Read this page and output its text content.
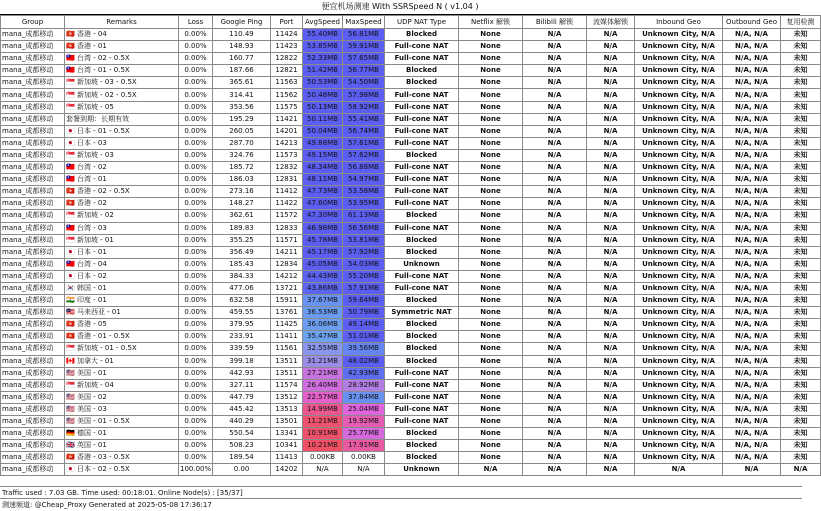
便宜机场测速 With SSRSpeed N ( v1.04 )
Group	Remarks	Loss	Google Ping	Port	AvgSpeed	MaxSpeed	UDP NAT Type	Netflix 解锁	Bilibili 解锁	流媒体解锁	Inbound Geo	Outbound Geo	复用检测
mana_成都移动	🇭🇰 香港 - 04	0.00%	110.49	11424	55.40MB	56.81MB	Blocked	None	N/A	N/A	Unknown City, N/A	N/A, N/A	未知
mana_成都移动	🇭🇰 香港 - 01	0.00%	148.93	11423	53.85MB	59.91MB	Full-cone NAT	None	N/A	N/A	Unknown City, N/A	N/A, N/A	未知
mana_成都移动	🇹🇼 台湾 - 02 - 0.5X	0.00%	160.77	12822	52.33MB	57.65MB	Full-cone NAT	None	N/A	N/A	Unknown City, N/A	N/A, N/A	未知
mana_成都移动	🇹🇼 台湾 - 01 - 0.5X	0.00%	187.66	12821	51.42MB	56.77MB	Blocked	None	N/A	N/A	Unknown City, N/A	N/A, N/A	未知
mana_成都移动	🇸🇬 新加坡 - 03 - 0.5X	0.00%	365.61	11563	50.53MB	54.50MB	Blocked	None	N/A	N/A	Unknown City, N/A	N/A, N/A	未知
mana_成都移动	🇸🇬 新加坡 - 02 - 0.5X	0.00%	314.41	11562	50.48MB	57.98MB	Full-cone NAT	None	N/A	N/A	Unknown City, N/A	N/A, N/A	未知
mana_成都移动	🇸🇬 新加坡 - 05	0.00%	353.56	11575	50.13MB	58.92MB	Full-cone NAT	None	N/A	N/A	Unknown City, N/A	N/A, N/A	未知
mana_成都移动	套餐到期：长期有效	0.00%	195.29	11421	50.11MB	55.41MB	Full-cone NAT	None	N/A	N/A	Unknown City, N/A	N/A, N/A	未知
mana_成都移动	🇯🇵 日本 - 01 - 0.5X	0.00%	260.05	14201	50.04MB	56.74MB	Full-cone NAT	None	N/A	N/A	Unknown City, N/A	N/A, N/A	未知
mana_成都移动	🇯🇵 日本 - 03	0.00%	287.70	14213	49.88MB	57.61MB	Full-cone NAT	None	N/A	N/A	Unknown City, N/A	N/A, N/A	未知
mana_成都移动	🇸🇬 新加坡 - 03	0.00%	324.76	11573	49.15MB	57.62MB	Blocked	None	N/A	N/A	Unknown City, N/A	N/A, N/A	未知
mana_成都移动	🇹🇼 台湾 - 02	0.00%	185.72	12832	48.34MB	56.88MB	Full-cone NAT	None	N/A	N/A	Unknown City, N/A	N/A, N/A	未知
mana_成都移动	🇹🇼 台湾 - 01	0.00%	186.03	12831	48.11MB	54.97MB	Full-cone NAT	None	N/A	N/A	Unknown City, N/A	N/A, N/A	未知
mana_成都移动	🇭🇰 香港 - 02 - 0.5X	0.00%	273.16	11412	47.73MB	53.58MB	Full-cone NAT	None	N/A	N/A	Unknown City, N/A	N/A, N/A	未知
mana_成都移动	🇭🇰 香港 - 02	0.00%	148.27	11422	47.60MB	53.95MB	Full-cone NAT	None	N/A	N/A	Unknown City, N/A	N/A, N/A	未知
mana_成都移动	🇸🇬 新加坡 - 02	0.00%	362.61	11572	47.30MB	61.13MB	Blocked	None	N/A	N/A	Unknown City, N/A	N/A, N/A	未知
mana_成都移动	🇹🇼 台湾 - 03	0.00%	189.83	12833	46.98MB	56.56MB	Full-cone NAT	None	N/A	N/A	Unknown City, N/A	N/A, N/A	未知
mana_成都移动	🇸🇬 新加坡 - 01	0.00%	355.25	11571	45.78MB	53.81MB	Blocked	None	N/A	N/A	Unknown City, N/A	N/A, N/A	未知
mana_成都移动	🇯🇵 日本 - 01	0.00%	356.49	14211	45.17MB	57.92MB	Blocked	None	N/A	N/A	Unknown City, N/A	N/A, N/A	未知
mana_成都移动	🇹🇼 台湾 - 04	0.00%	185.43	12834	45.05MB	54.03MB	Unknown	None	N/A	N/A	Unknown City, N/A	N/A, N/A	未知
mana_成都移动	🇯🇵 日本 - 02	0.00%	384.33	14212	44.43MB	55.20MB	Full-cone NAT	None	N/A	N/A	Unknown City, N/A	N/A, N/A	未知
mana_成都移动	🇰🇷 韩国 - 01	0.00%	477.06	13721	43.86MB	57.91MB	Full-cone NAT	None	N/A	N/A	Unknown City, N/A	N/A, N/A	未知
mana_成都移动	🇮🇳 印度 - 01	0.00%	632.58	15911	37.67MB	59.64MB	Blocked	None	N/A	N/A	Unknown City, N/A	N/A, N/A	未知
mana_成都移动	🇲🇾 马来西亚 - 01	0.00%	459.55	13761	36.53MB	50.79MB	Symmetric NAT	None	N/A	N/A	Unknown City, N/A	N/A, N/A	未知
mana_成都移动	🇭🇰 香港 - 05	0.00%	379.95	11425	36.06MB	49.14MB	Blocked	None	N/A	N/A	Unknown City, N/A	N/A, N/A	未知
mana_成都移动	🇭🇰 香港 - 01 - 0.5X	0.00%	233.91	11411	35.47MB	51.01MB	Blocked	None	N/A	N/A	Unknown City, N/A	N/A, N/A	未知
mana_成都移动	🇸🇬 新加坡 - 01 - 0.5X	0.00%	339.59	11561	32.55MB	39.56MB	Blocked	None	N/A	N/A	Unknown City, N/A	N/A, N/A	未知
mana_成都移动	🇨🇦 加拿大 - 01	0.00%	399.18	13511	31.21MB	48.02MB	Blocked	None	N/A	N/A	Unknown City, N/A	N/A, N/A	未知
mana_成都移动	🇺🇸 美国 - 01	0.00%	442.93	13511	27.21MB	42.93MB	Full-cone NAT	None	N/A	N/A	Unknown City, N/A	N/A, N/A	未知
mana_成都移动	🇸🇬 新加坡 - 04	0.00%	327.11	11574	26.40MB	28.92MB	Full-cone NAT	None	N/A	N/A	Unknown City, N/A	N/A, N/A	未知
mana_成都移动	🇺🇸 美国 - 02	0.00%	447.79	13512	22.57MB	37.84MB	Full-cone NAT	None	N/A	N/A	Unknown City, N/A	N/A, N/A	未知
mana_成都移动	🇺🇸 美国 - 03	0.00%	445.42	13513	14.99MB	25.04MB	Full-cone NAT	None	N/A	N/A	Unknown City, N/A	N/A, N/A	未知
mana_成都移动	🇺🇸 美国 - 01 - 0.5X	0.00%	440.29	13501	11.21MB	19.92MB	Full-cone NAT	None	N/A	N/A	Unknown City, N/A	N/A, N/A	未知
mana_成都移动	🇩🇪 德国 - 01	0.00%	550.54	13341	10.91MB	25.77MB	Blocked	None	N/A	N/A	Unknown City, N/A	N/A, N/A	未知
mana_成都移动	🇬🇧 英国 - 01	0.00%	508.23	10341	10.21MB	17.91MB	Blocked	None	N/A	N/A	Unknown City, N/A	N/A, N/A	未知
mana_成都移动	🇭🇰 香港 - 03 - 0.5X	0.00%	189.54	11413	0.00KB	0.00KB	Blocked	None	N/A	N/A	Unknown City, N/A	N/A, N/A	未知
mana_成都移动	🇯🇵 日本 - 02 - 0.5X	100.00%	0.00	14202	N/A	N/A	Unknown	N/A	N/A	N/A	N/A	N/A	N/A
Traffic used : 7.03 GB. Time used: 00:18:01. Online Node(s) : [35/37]
测速频道: @Cheap_Proxy Generated at 2025-05-08 17:36:17
